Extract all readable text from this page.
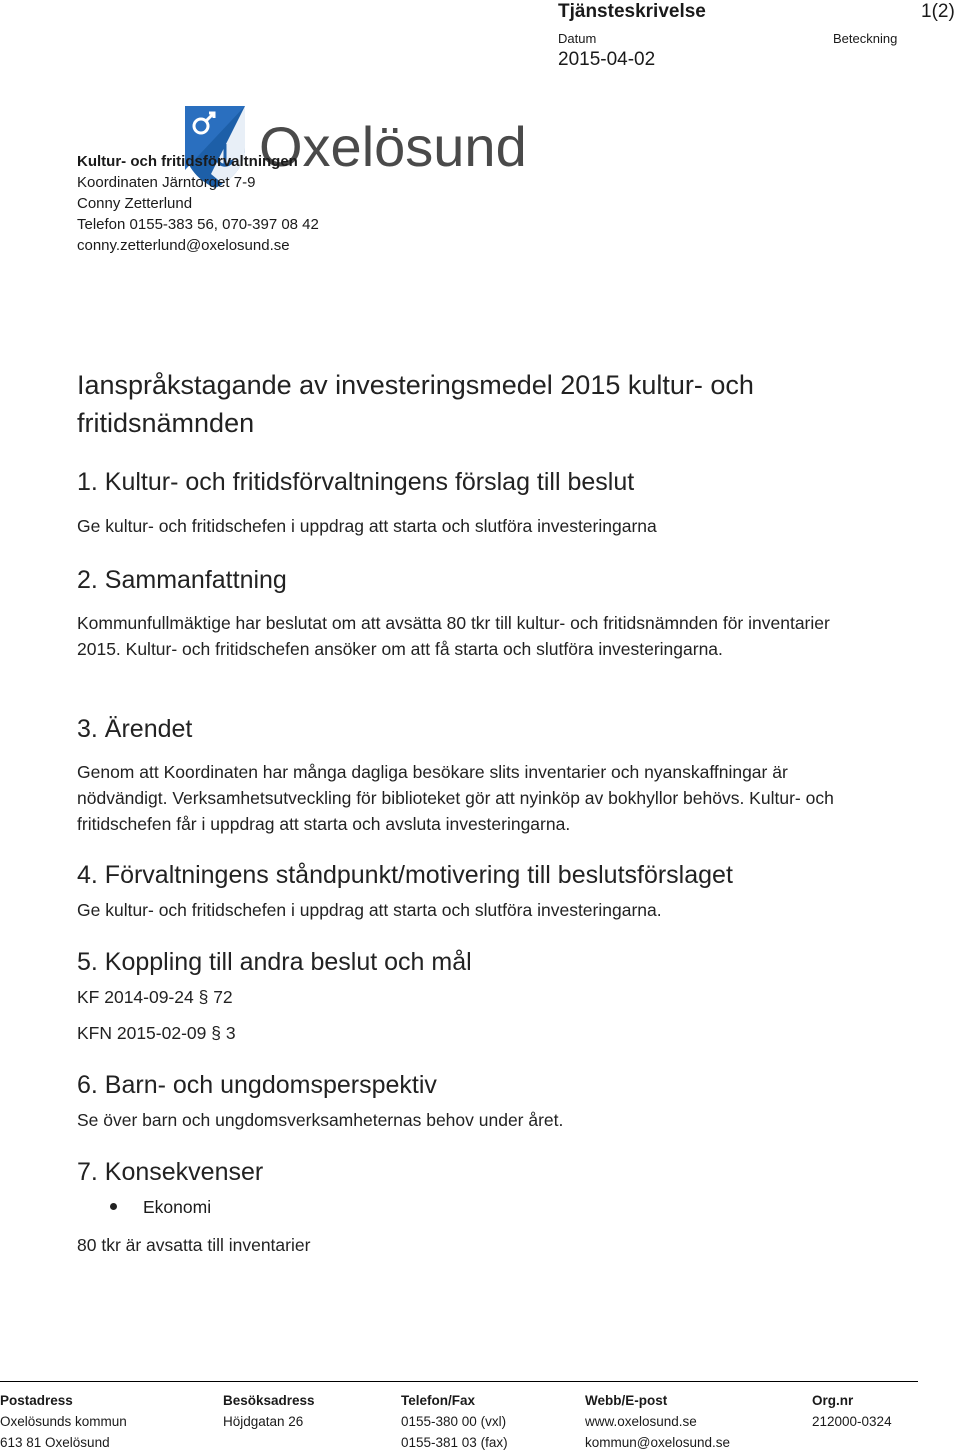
Tjänsteskrivelse	1(2)
Datum	Beteckning
2015-04-02
Oxelösund
Kultur- och fritidsförvaltningen
Koordinaten Järntorget 7-9
Conny Zetterlund
Telefon 0155-383 56, 070-397 08 42
conny.zetterlund@oxelosund.se
Ianspråkstagande av investeringsmedel 2015 kultur- och fritidsnämnden
1. Kultur- och fritidsförvaltningens förslag till beslut
Ge kultur- och fritidschefen i uppdrag att starta och slutföra investeringarna
2. Sammanfattning
Kommunfullmäktige har beslutat om att avsätta 80 tkr till kultur- och fritidsnämnden för inventarier 2015. Kultur- och fritidschefen ansöker om att få starta och slutföra investeringarna.
3. Ärendet
Genom att Koordinaten har många dagliga besökare slits inventarier och nyanskaffningar är nödvändigt. Verksamhetsutveckling för biblioteket gör att nyinköp av bokhyllor behövs. Kultur- och fritidschefen får i uppdrag att starta och avsluta investeringarna.
4. Förvaltningens ståndpunkt/motivering till beslutsförslaget
Ge kultur- och fritidschefen i uppdrag att starta och slutföra investeringarna.
5. Koppling till andra beslut och mål
KF 2014-09-24 § 72
KFN 2015-02-09 § 3
6. Barn- och ungdomsperspektiv
Se över barn och ungdomsverksamheternas behov under året.
7. Konsekvenser
Ekonomi
80 tkr är avsatta till inventarier
Postadress
Oxelösunds kommun
613 81 Oxelösund
Besöksadress
Höjdgatan 26
Telefon/Fax
0155-380 00 (vxl)
0155-381 03 (fax)
Webb/E-post
www.oxelosund.se
kommun@oxelosund.se
Org.nr
212000-0324
